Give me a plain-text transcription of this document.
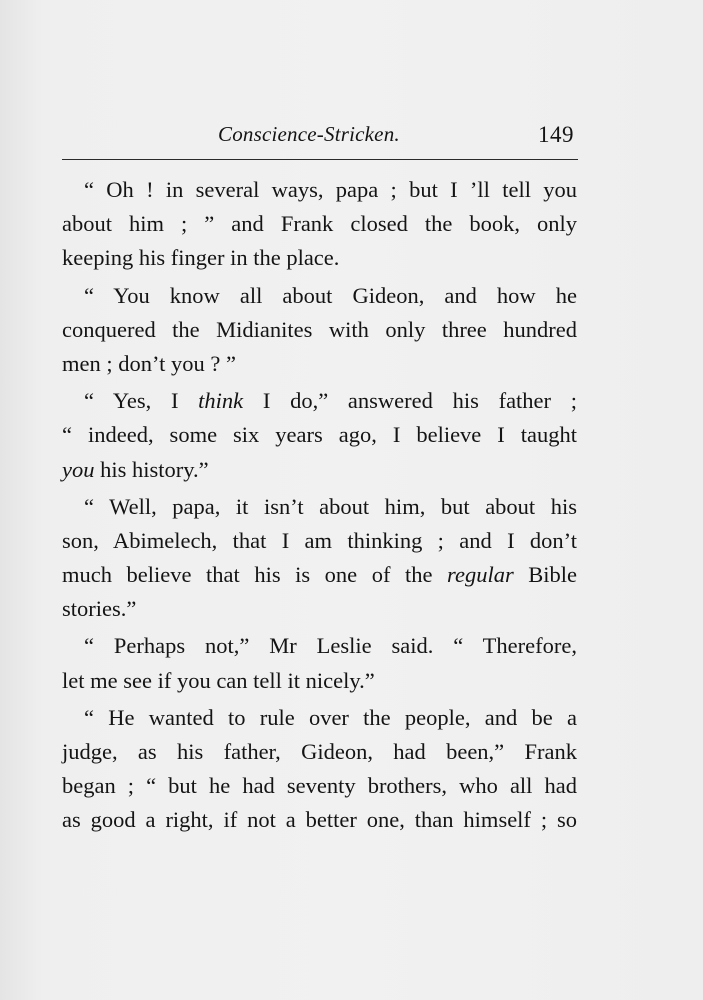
Conscience-Stricken.	149
“ Oh ! in several ways, papa ; but I ’ll tell you
about him ; ” and Frank closed the book, only
keeping his finger in the place.
“ You know all about Gideon, and how he
conquered the Midianites with only three hundred
men ; don’t you ? ”
“ Yes, I think I do,” answered his father ;
“ indeed, some six years ago, I believe I taught
you his history.”
“ Well, papa, it isn’t about him, but about his
son, Abimelech, that I am thinking ; and I don’t
much believe that his is one of the regular Bible
stories.”
“ Perhaps not,” Mr Leslie said. “ Therefore,
let me see if you can tell it nicely.”
“ He wanted to rule over the people, and be a
judge, as his father, Gideon, had been,” Frank
began ; “ but he had seventy brothers, who all had
as good a right, if not a better one, than himself ; so
